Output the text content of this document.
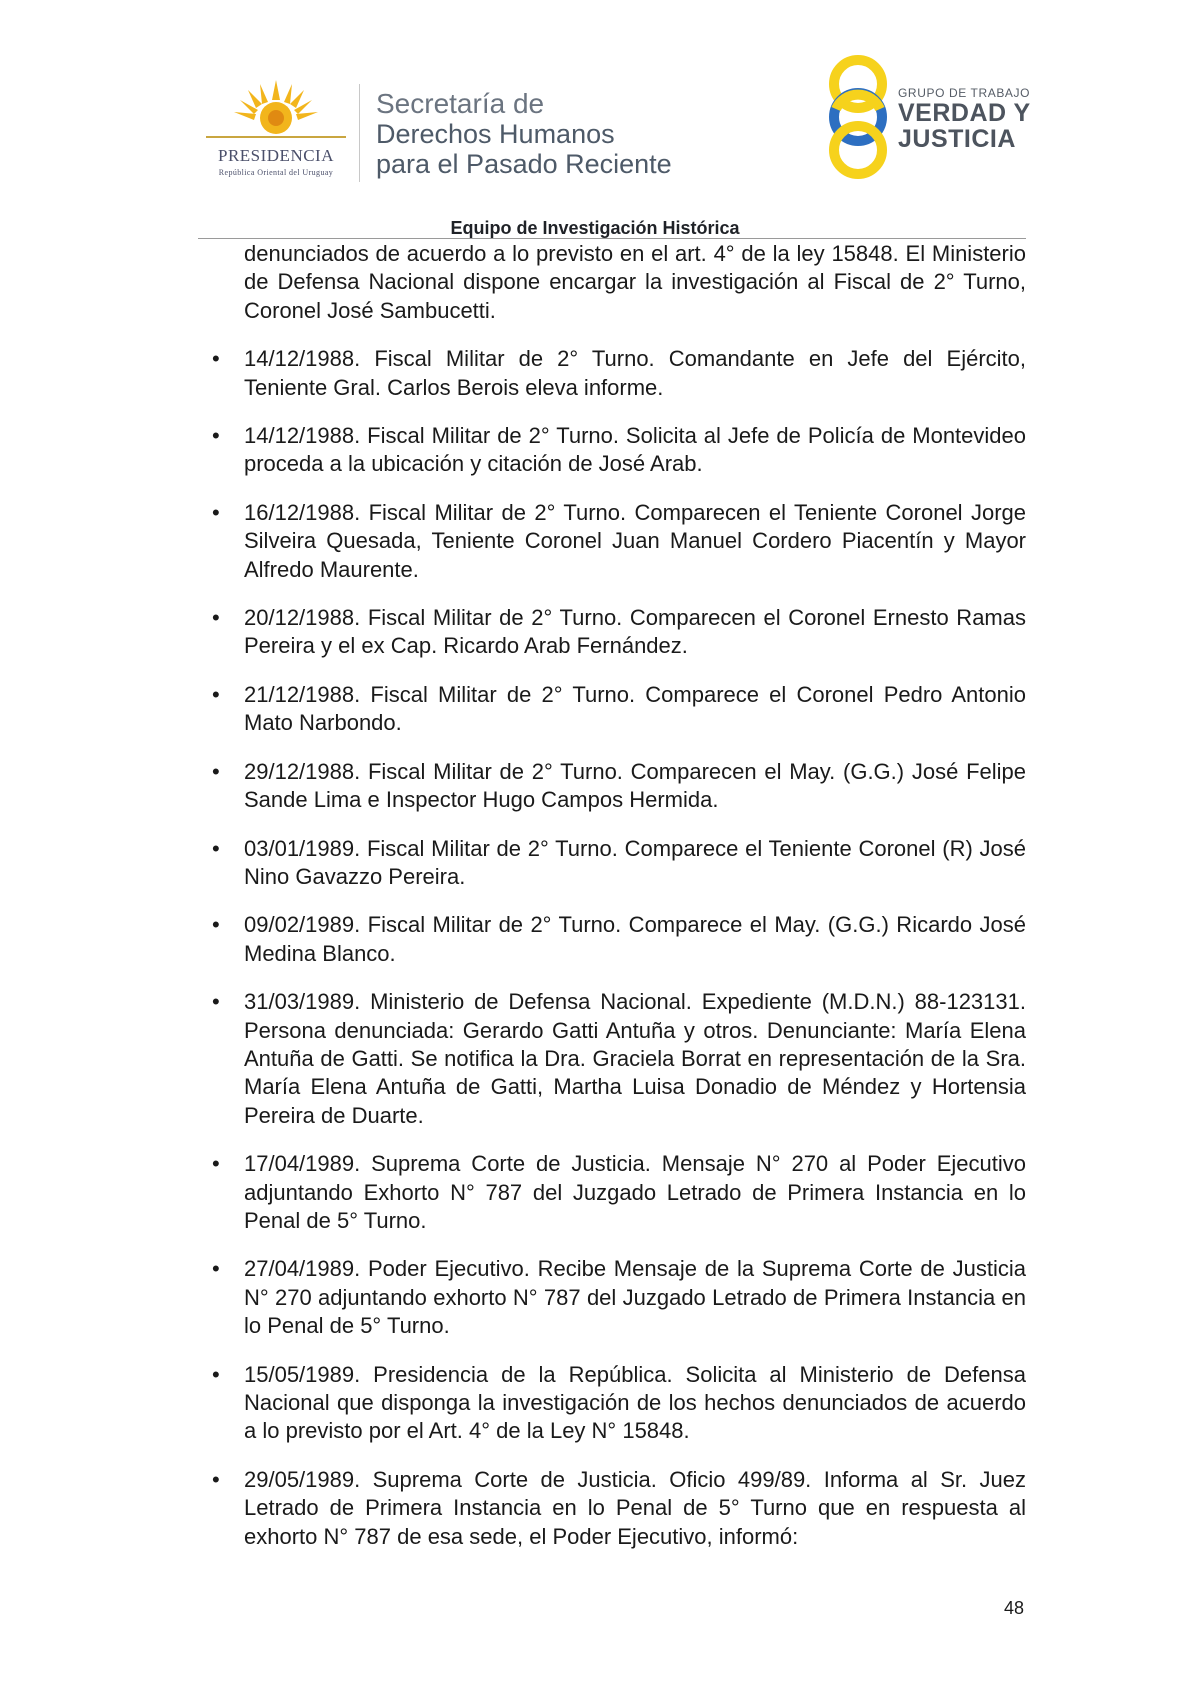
PRESIDENCIA
República Oriental del Uruguay
Secretaría de
Derechos Humanos
para el Pasado Reciente
GRUPO DE TRABAJO
VERDAD Y
JUSTICIA
Equipo de Investigación Histórica

denunciados de acuerdo a lo previsto en el art. 4° de la ley 15848. El Ministerio de Defensa Nacional dispone encargar la investigación al Fiscal de 2° Turno, Coronel José Sambucetti.

• 14/12/1988. Fiscal Militar de 2° Turno. Comandante en Jefe del Ejército, Teniente Gral. Carlos Berois eleva informe.

• 14/12/1988. Fiscal Militar de 2° Turno. Solicita al Jefe de Policía de Montevideo proceda a la ubicación y citación de José Arab.

• 16/12/1988. Fiscal Militar de 2° Turno. Comparecen el Teniente Coronel Jorge Silveira Quesada, Teniente Coronel Juan Manuel Cordero Piacentín y Mayor Alfredo Maurente.

• 20/12/1988. Fiscal Militar de 2° Turno. Comparecen el Coronel Ernesto Ramas Pereira y el ex Cap. Ricardo Arab Fernández.

• 21/12/1988. Fiscal Militar de 2° Turno. Comparece el Coronel Pedro Antonio Mato Narbondo.

• 29/12/1988. Fiscal Militar de 2° Turno. Comparecen el May. (G.G.) José Felipe Sande Lima e Inspector Hugo Campos Hermida.

• 03/01/1989. Fiscal Militar de 2° Turno. Comparece el Teniente Coronel (R) José Nino Gavazzo Pereira.

• 09/02/1989. Fiscal Militar de 2° Turno. Comparece el May. (G.G.) Ricardo José Medina Blanco.

• 31/03/1989. Ministerio de Defensa Nacional. Expediente (M.D.N.) 88-123131. Persona denunciada: Gerardo Gatti Antuña y otros. Denunciante: María Elena Antuña de Gatti. Se notifica la Dra. Graciela Borrat en representación de la Sra. María Elena Antuña de Gatti, Martha Luisa Donadio de Méndez y Hortensia Pereira de Duarte.

• 17/04/1989. Suprema Corte de Justicia. Mensaje N° 270 al Poder Ejecutivo adjuntando Exhorto N° 787 del Juzgado Letrado de Primera Instancia en lo Penal de 5° Turno.

• 27/04/1989. Poder Ejecutivo. Recibe Mensaje de la Suprema Corte de Justicia N° 270 adjuntando exhorto N° 787 del Juzgado Letrado de Primera Instancia en lo Penal de 5° Turno.

• 15/05/1989. Presidencia de la República. Solicita al Ministerio de Defensa Nacional que disponga la investigación de los hechos denunciados de acuerdo a lo previsto por el Art. 4° de la Ley N° 15848.

• 29/05/1989. Suprema Corte de Justicia. Oficio 499/89. Informa al Sr. Juez Letrado de Primera Instancia en lo Penal de 5° Turno que en respuesta al exhorto N° 787 de esa sede, el Poder Ejecutivo, informó:

48
